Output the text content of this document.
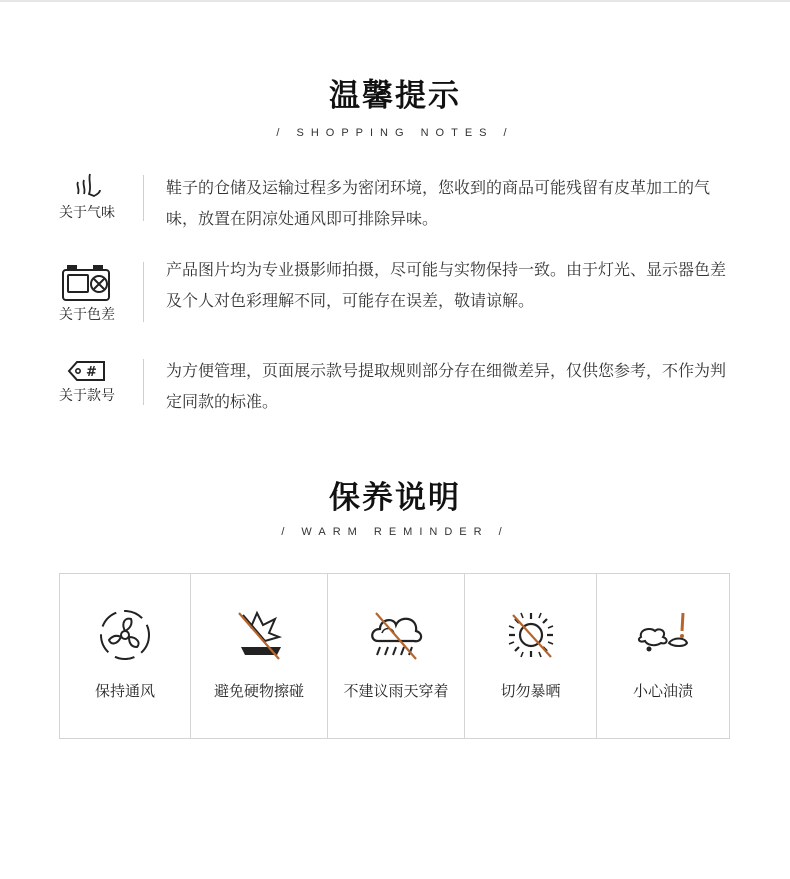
温馨提示
/ SHOPPING NOTES /
关于气味
鞋子的仓储及运输过程多为密闭环境，您收到的商品可能残留有皮革加工的气味，放置在阴凉处通风即可排除异味。
关于色差
产品图片均为专业摄影师拍摄，尽可能与实物保持一致。由于灯光、显示器色差及个人对色彩理解不同，可能存在误差，敬请谅解。
#
关于款号
为方便管理，页面展示款号提取规则部分存在细微差异，仅供您参考，不作为判定同款的标准。
保养说明
/ WARM REMINDER /
保持通风	避免硬物擦碰	不建议雨天穿着	切勿暴晒	小心油渍
